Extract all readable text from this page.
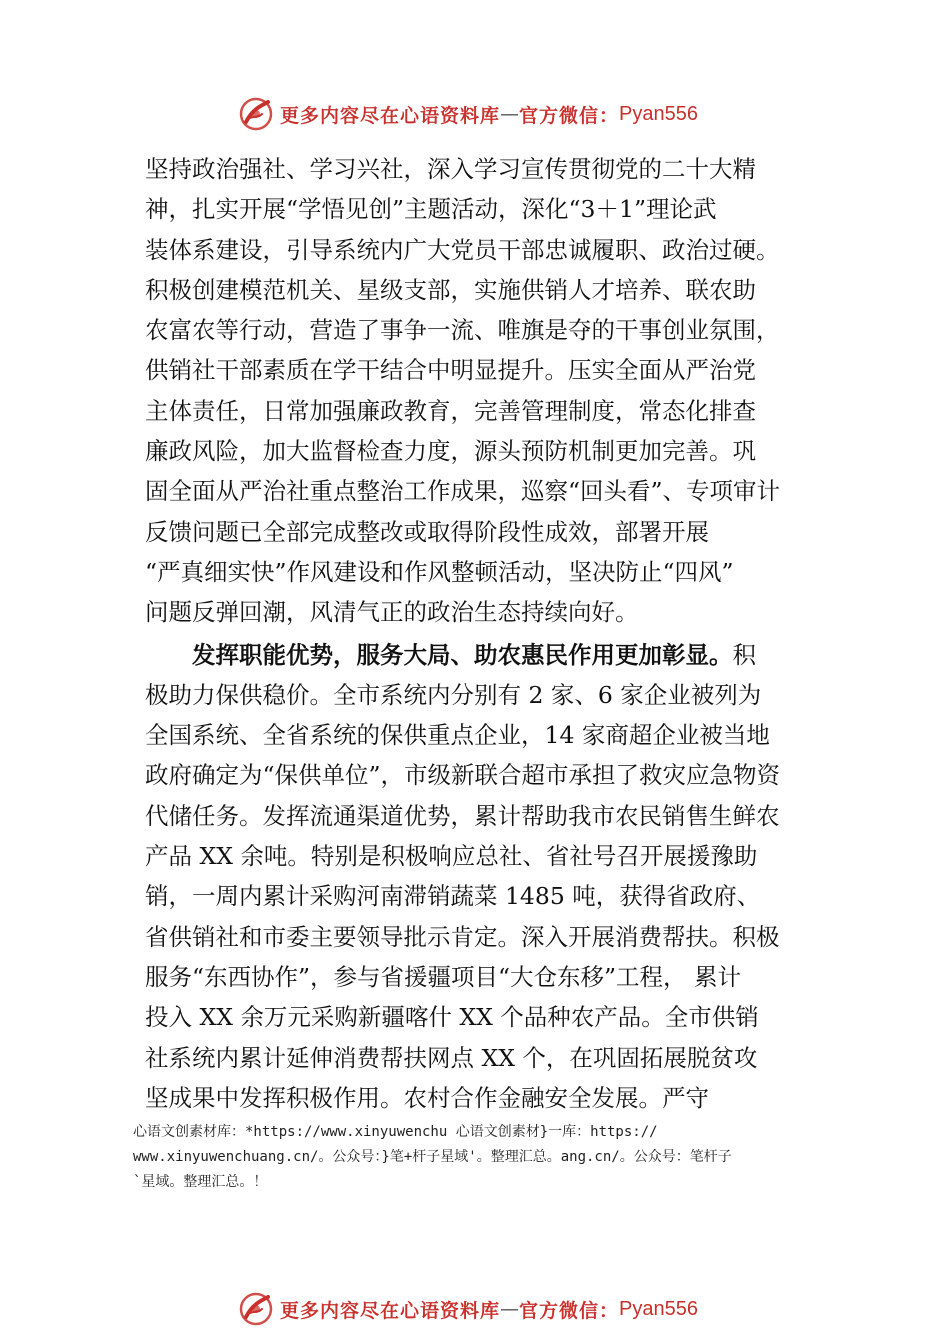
更多内容尽在心语资料库 — 官方微信： Pyan556
坚持政治强社、学习兴社，深入学习宣传贯彻党的二十大精
神，扎实开展“学悟见创”主题活动，深化“3＋1”理论武
装体系建设，引导系统内广大党员干部忠诚履职、政治过硬。
积极创建模范机关、星级支部，实施供销人才培养、联农助
农富农等行动，营造了事争一流、唯旗是夺的干事创业氛围，
供销社干部素质在学干结合中明显提升。压实全面从严治党
主体责任，日常加强廉政教育，完善管理制度，常态化排查
廉政风险，加大监督检查力度，源头预防机制更加完善。巩
固全面从严治社重点整治工作成果，巡察“回头看”、专项审计
反馈问题已全部完成整改或取得阶段性成效，部署开展
“严真细实快”作风建设和作风整顿活动，坚决防止“四风”
问题反弹回潮，风清气正的政治生态持续向好。
发挥职能优势，服务大局、助农惠民作用更加彰显。积
极助力保供稳价。全市系统内分别有 2 家、6 家企业被列为
全国系统、全省系统的保供重点企业，14 家商超企业被当地
政府确定为“保供单位”，市级新联合超市承担了救灾应急物资
代储任务。发挥流通渠道优势，累计帮助我市农民销售生鲜农
产品 XX 余吨。特别是积极响应总社、省社号召开展援豫助
销，一周内累计采购河南滞销蔬菜 1485 吨，获得省政府、
省供销社和市委主要领导批示肯定。深入开展消费帮扶。积极
服务“东西协作”，参与省援疆项目“大仓东移”工程， 累计
投入 XX 余万元采购新疆喀什 XX 个品种农产品。全市供销
社系统内累计延伸消费帮扶网点 XX 个，在巩固拓展脱贫攻
坚成果中发挥积极作用。农村合作金融安全发展。严守
心语文创素材库：*https://www.xinyuwenchu 心语文创素材}一库：https://
www.xinyuwenchuang.cn/。公众号：}笔+杆子星域'。整理汇总。ang.cn/。公众号：笔杆子
`星域。整理汇总。！
更多内容尽在心语资料库 — 官方微信： Pyan556
